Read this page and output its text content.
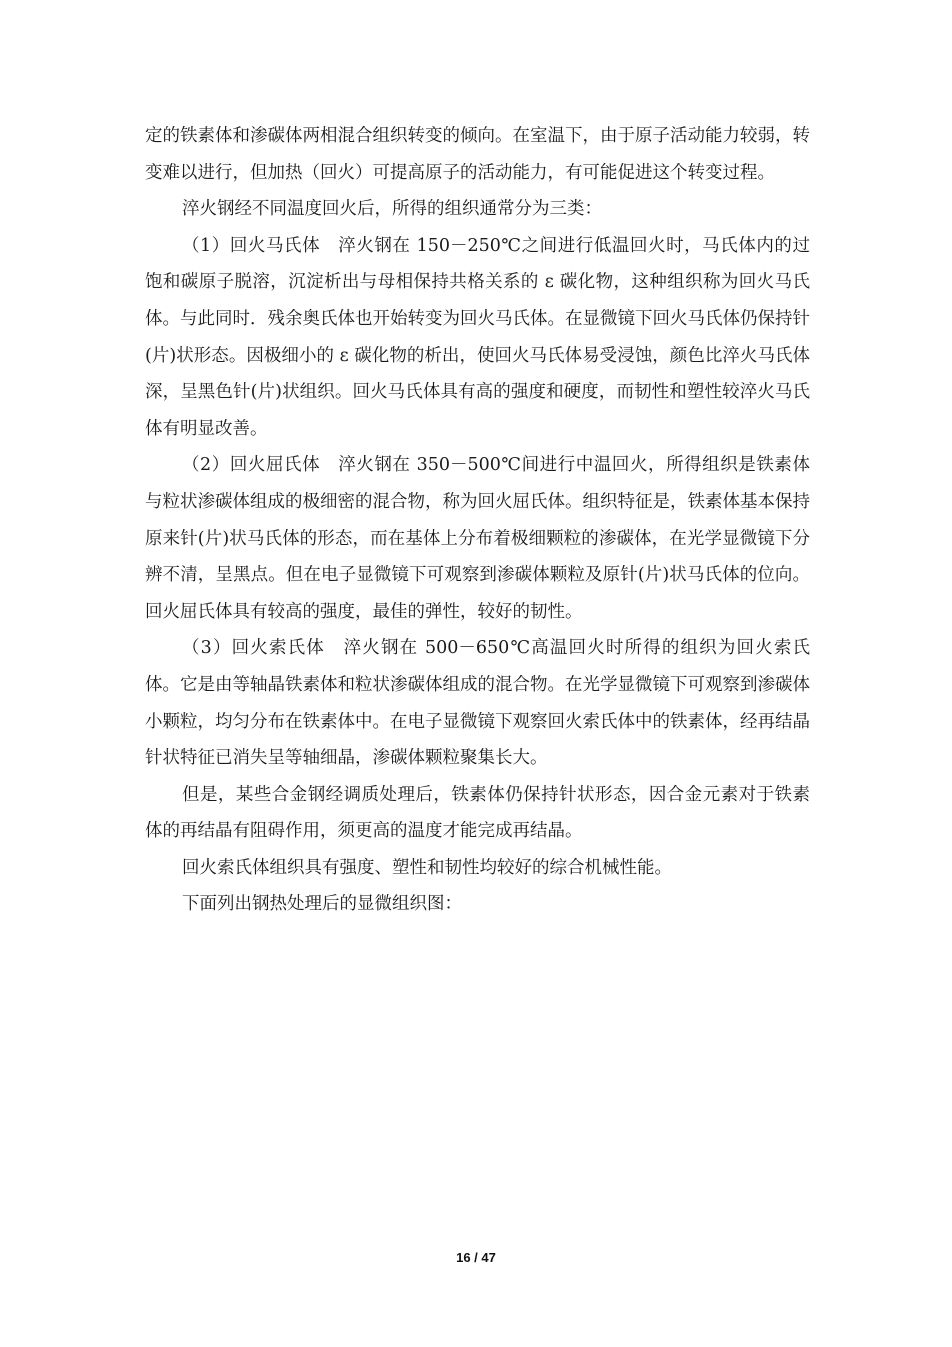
定的铁素体和渗碳体两相混合组织转变的倾向。在室温下，由于原子活动能力较弱，转变难以进行，但加热（回火）可提高原子的活动能力，有可能促进这个转变过程。

淬火钢经不同温度回火后，所得的组织通常分为三类：

（1）回火马氏体　淬火钢在 150－250℃之间进行低温回火时，马氏体内的过饱和碳原子脱溶，沉淀析出与母相保持共格关系的 ε 碳化物，这种组织称为回火马氏体。与此同时．残余奥氏体也开始转变为回火马氏体。在显微镜下回火马氏体仍保持针(片)状形态。因极细小的 ε 碳化物的析出，使回火马氏体易受浸蚀，颜色比淬火马氏体深，呈黑色针(片)状组织。回火马氏体具有高的强度和硬度，而韧性和塑性较淬火马氏体有明显改善。

（2）回火屈氏体　淬火钢在 350－500℃间进行中温回火，所得组织是铁素体与粒状渗碳体组成的极细密的混合物，称为回火屈氏体。组织特征是，铁素体基本保持原来针(片)状马氏体的形态，而在基体上分布着极细颗粒的渗碳体，在光学显微镜下分辨不清，呈黑点。但在电子显微镜下可观察到渗碳体颗粒及原针(片)状马氏体的位向。回火屈氏体具有较高的强度，最佳的弹性，较好的韧性。

（3）回火索氏体　淬火钢在 500－650℃高温回火时所得的组织为回火索氏体。它是由等轴晶铁素体和粒状渗碳体组成的混合物。在光学显微镜下可观察到渗碳体小颗粒，均匀分布在铁素体中。在电子显微镜下观察回火索氏体中的铁素体，经再结晶针状特征已消失呈等轴细晶，渗碳体颗粒聚集长大。

但是，某些合金钢经调质处理后，铁素体仍保持针状形态，因合金元素对于铁素体的再结晶有阻碍作用，须更高的温度才能完成再结晶。

回火索氏体组织具有强度、塑性和韧性均较好的综合机械性能。

下面列出钢热处理后的显微组织图：

16 / 47
